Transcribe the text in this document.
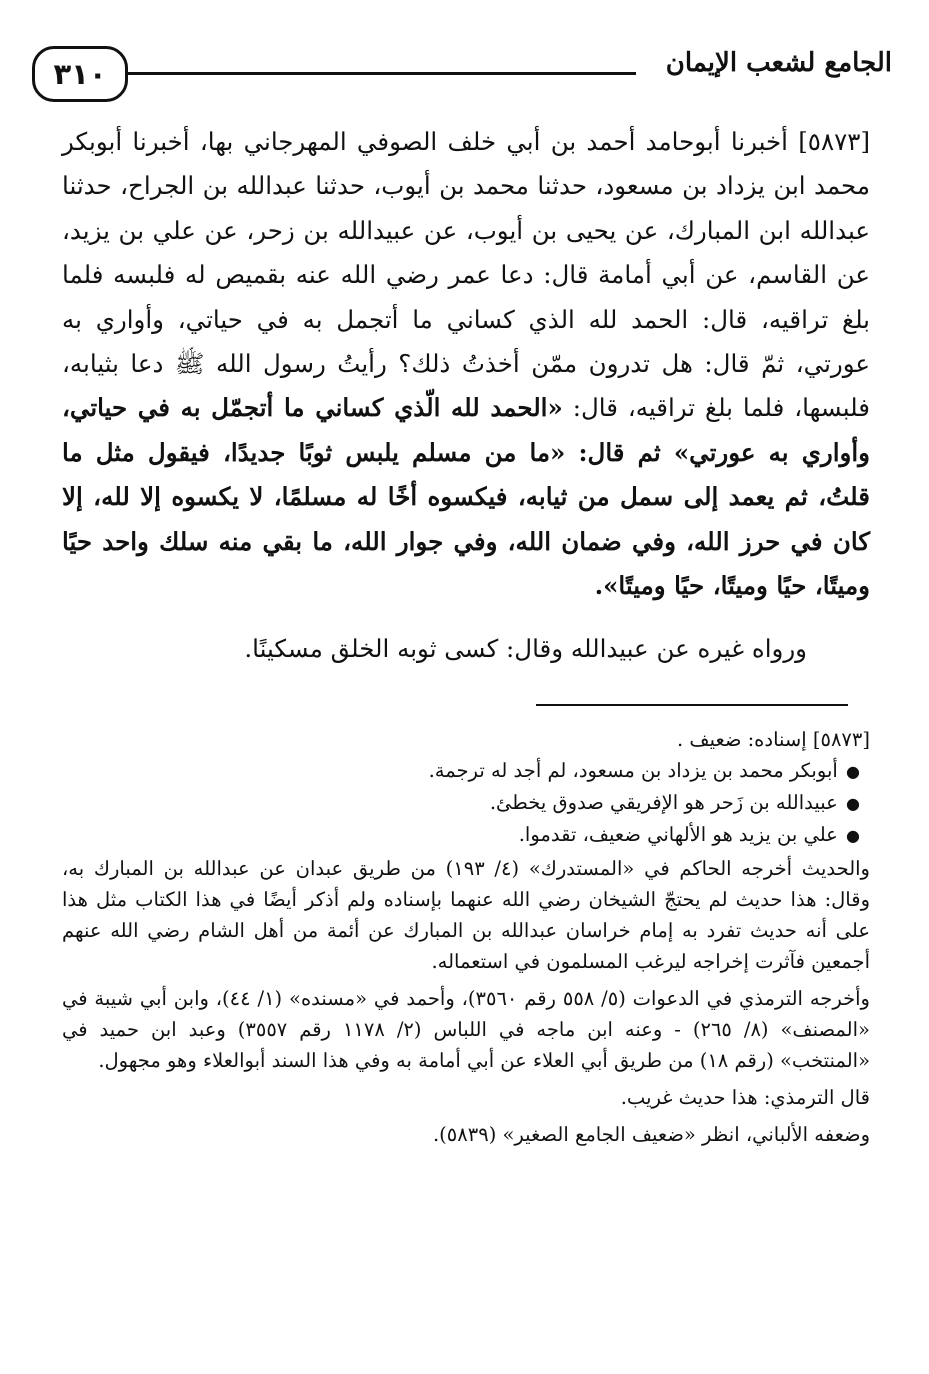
٣١٠	الجامع لشعب الإيمان

[٥٨٧٣] أخبرنا أبوحامد أحمد بن أبي خلف الصوفي المهرجاني بها، أخبرنا أبوبكر محمد ابن يزداد بن مسعود، حدثنا محمد بن أيوب، حدثنا عبدالله بن الجراح، حدثنا عبدالله ابن المبارك، عن يحيى بن أيوب، عن عبيدالله بن زحر، عن علي بن يزيد، عن القاسم، عن أبي أمامة قال: دعا عمر رضي الله عنه بقميص له فلبسه فلما بلغ تراقيه، قال: الحمد لله الذي كساني ما أتجمل به في حياتي، وأواري به عورتي، ثمّ قال: هل تدرون ممّن أخذتُ ذلك؟ رأيتُ رسول الله ﷺ دعا بثيابه، فلبسها، فلما بلغ تراقيه، قال: «الحمد لله الّذي كساني ما أتجمّل به في حياتي، وأواري به عورتي» ثم قال: «ما من مسلم يلبس ثوبًا جديدًا، فيقول مثل ما قلتُ، ثم يعمد إلى سمل من ثيابه، فيكسوه أخًا له مسلمًا، لا يكسوه إلا لله، إلا كان في حرز الله، وفي ضمان الله، وفي جوار الله، ما بقي منه سلك واحد حيًا وميتًا، حيًا وميتًا، حيًا وميتًا».

ورواه غيره عن عبيدالله وقال: كسى ثوبه الخلق مسكينًا.

[٥٨٧٣] إسناده: ضعيف .

● أبوبكر محمد بن يزداد بن مسعود، لم أجد له ترجمة.
● عبيدالله بن زَحر هو الإفريقي صدوق يخطئ.
● علي بن يزيد هو الألهاني ضعيف، تقدموا.

والحديث أخرجه الحاكم في «المستدرك» (٤/ ١٩٣) من طريق عبدان عن عبدالله بن المبارك به، وقال: هذا حديث لم يحتجّ الشيخان رضي الله عنهما بإسناده ولم أذكر أيضًا في هذا الكتاب مثل هذا على أنه حديث تفرد به إمام خراسان عبدالله بن المبارك عن أئمة من أهل الشام رضي الله عنهم أجمعين فآثرت إخراجه ليرغب المسلمون في استعماله.

وأخرجه الترمذي في الدعوات (٥/ ٥٥٨ رقم ٣٥٦٠)، وأحمد في «مسنده» (١/ ٤٤)، وابن أبي شيبة في «المصنف» (٨/ ٢٦٥) - وعنه ابن ماجه في اللباس (٢/ ١١٧٨ رقم ٣٥٥٧) وعبد ابن حميد في «المنتخب» (رقم ١٨) من طريق أبي العلاء عن أبي أمامة به وفي هذا السند أبوالعلاء وهو مجهول.

قال الترمذي: هذا حديث غريب.

وضعفه الألباني، انظر «ضعيف الجامع الصغير» (٥٨٣٩).
